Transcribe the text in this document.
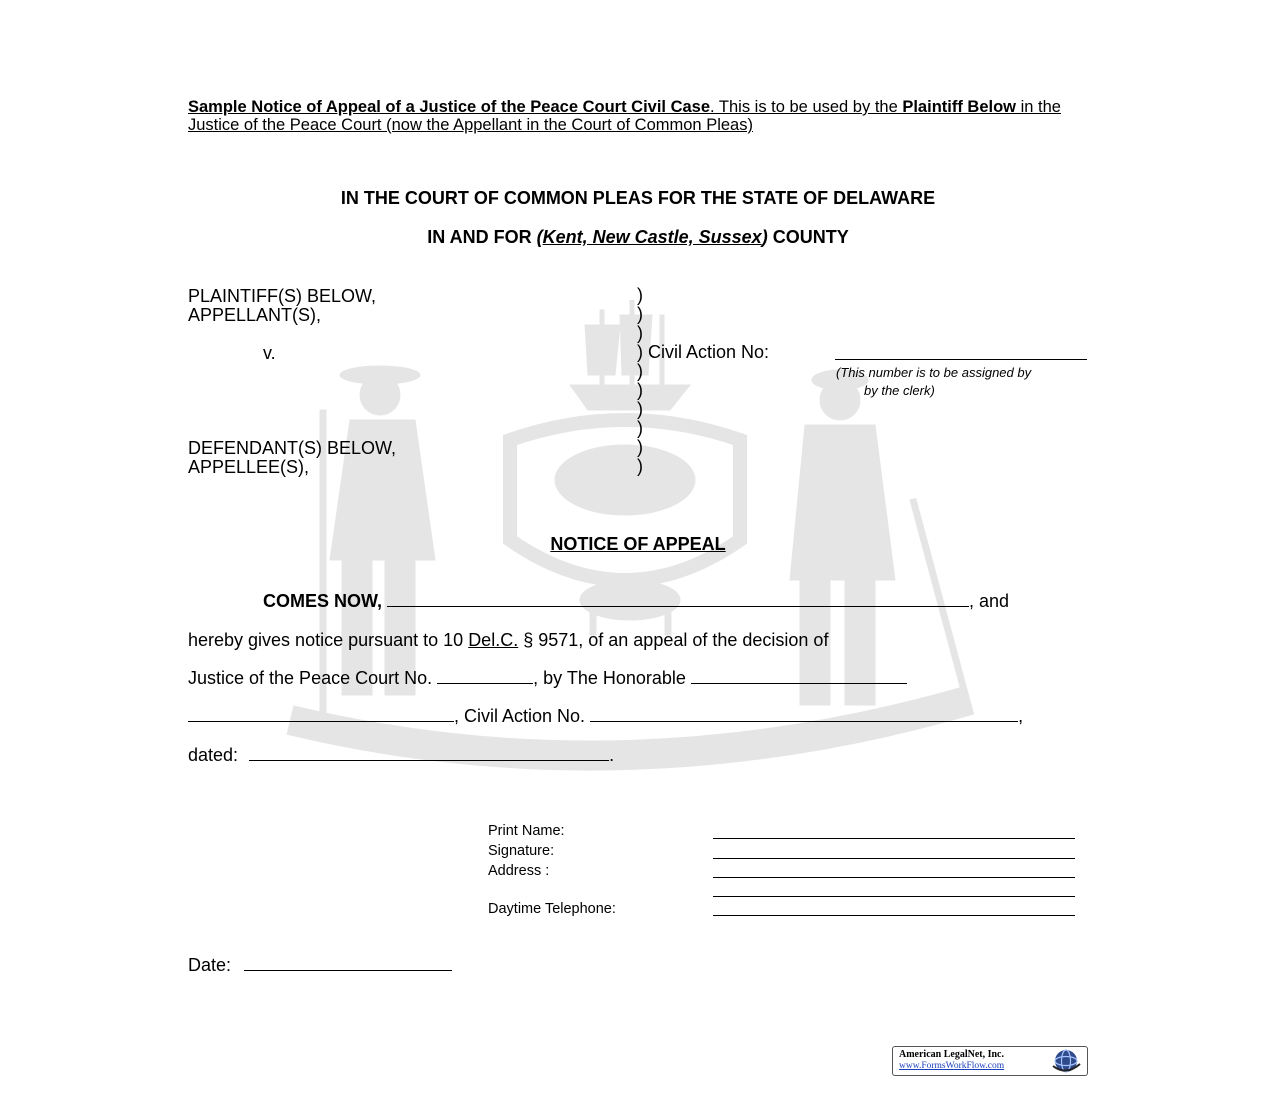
Sample Notice of Appeal of a Justice of the Peace Court Civil Case. This is to be used by the Plaintiff Below in the Justice of the Peace Court (now the Appellant in the Court of Common Pleas)
IN THE COURT OF COMMON PLEAS FOR THE STATE OF DELAWARE
IN AND FOR (Kent, New Castle, Sussex) COUNTY
PLAINTIFF(S) BELOW,
APPELLANT(S),
v.
DEFENDANT(S) BELOW,
APPELLEE(S),
)
)
)
) Civil Action No:
)
)
)
)
)
)
(This number is to be assigned by
by the clerk)
NOTICE OF APPEAL
COMES NOW,	, and
hereby gives notice pursuant to 10 Del.C. § 9571, of an appeal of the decision of
Justice of the Peace Court No.	, by The Honorable
, Civil Action No.	,
dated:	.
Print Name:
Signature:
Address :
Daytime Telephone:
Date:
American LegalNet, Inc.
www.FormsWorkFlow.com
